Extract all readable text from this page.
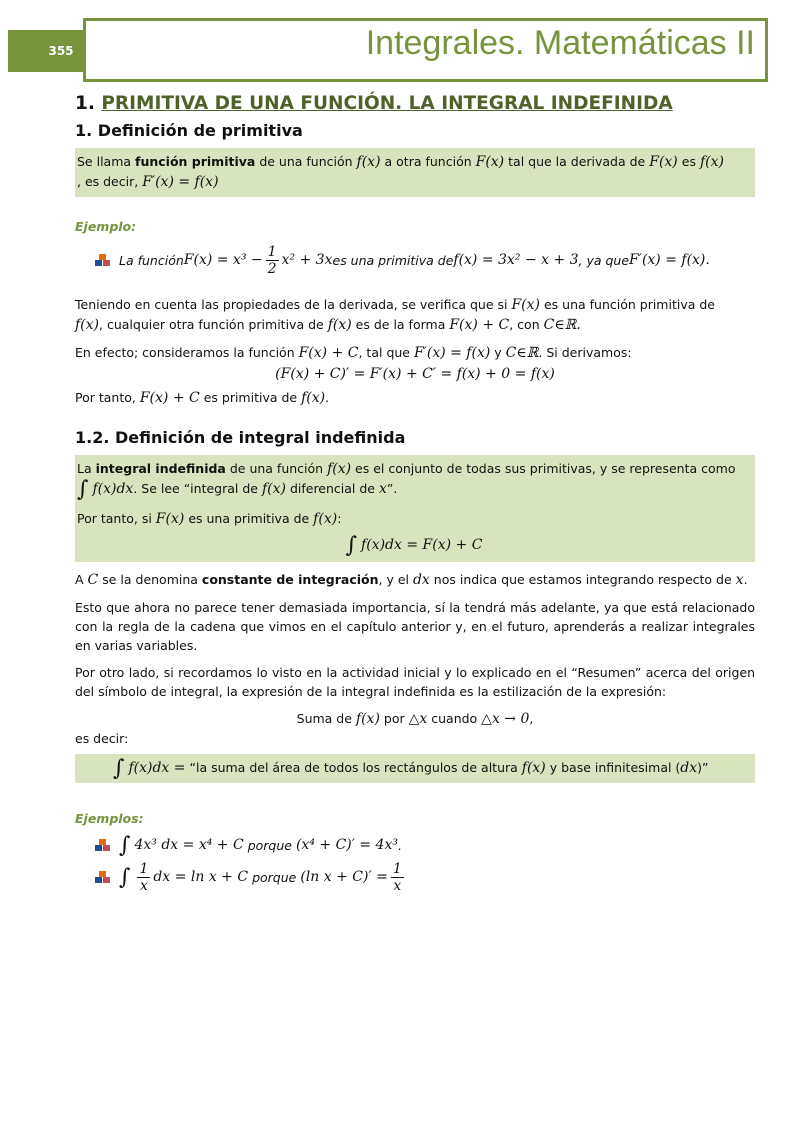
355	Integrales. Matemáticas II
1. PRIMITIVA DE UNA FUNCIÓN. LA INTEGRAL INDEFINIDA
1. Definición de primitiva
Se llama función primitiva de una función f(x) a otra función F(x) tal que la derivada de F(x) es f(x)
, es decir, F′(x) = f(x)
Ejemplo:
La función $F(x) = x^3 - \frac{1}{2} x^2 + 3x$ es una primitiva de f(x) = 3x² − x + 3 , ya que F′(x) = f(x).
Teniendo en cuenta las propiedades de la derivada, se verifica que si F(x) es una función primitiva de
f(x), cualquier otra función primitiva de f(x) es de la forma F(x) + C, con C∈ℝ.
En efecto; consideramos la función F(x) + C, tal que F′(x) = f(x) y C∈ℝ. Si derivamos:
(F(x) + C)′ = F′(x) + C′ = f(x) + 0 = f(x)
Por tanto, F(x) + C es primitiva de f(x).
1.2. Definición de integral indefinida
La integral indefinida de una función f(x) es el conjunto de todas sus primitivas, y se representa como
∫ f(x)dx. Se lee “integral de f(x) diferencial de x”.
Por tanto, si F(x) es una primitiva de f(x):
∫ f(x)dx = F(x) + C
A C se la denomina constante de integración, y el dx nos indica que estamos integrando respecto de x.
Esto que ahora no parece tener demasiada importancia, sí la tendrá más adelante, ya que está relacionado con la regla de la cadena que vimos en el capítulo anterior y, en el futuro, aprenderás a realizar integrales en varias variables.
Por otro lado, si recordamos lo visto en la actividad inicial y lo explicado en el “Resumen” acerca del origen del símbolo de integral, la expresión de la integral indefinida es la estilización de la expresión:
Suma de f(x) por △x cuando △x → 0,
es decir:
∫ f(x)dx = “la suma del área de todos los rectángulos de altura f(x) y base infinitesimal (dx)”
Ejemplos:
∫ 4x³ dx = x⁴ + C porque (x⁴ + C)′ = 4x³ .
∫ $\frac{1}{x}$ dx = ln x + C porque (ln $x + C)' = \frac{1}{x}$
